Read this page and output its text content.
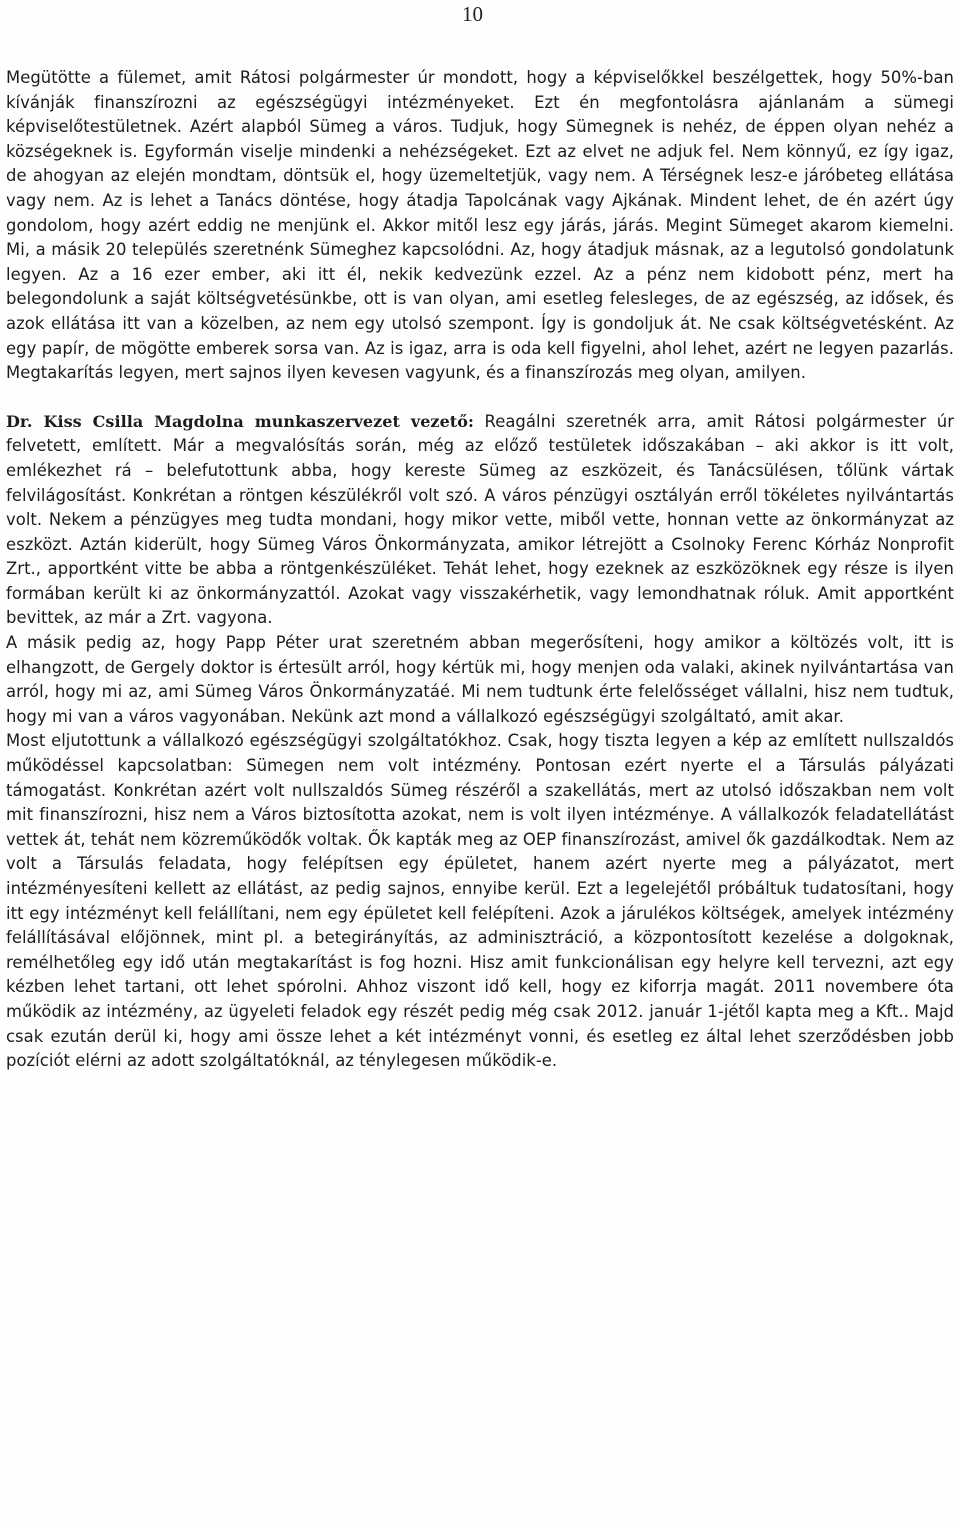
10

Megütötte a fülemet, amit Rátosi polgármester úr mondott, hogy a képviselőkkel beszélgettek, hogy 50%-ban kívánják finanszírozni az egészségügyi intézményeket. Ezt én megfontolásra ajánlanám a sümegi képviselőtestületnek. Azért alapból Sümeg a város. Tudjuk, hogy Sümegnek is nehéz, de éppen olyan nehéz a községeknek is. Egyformán viselje mindenki a nehézségeket. Ezt az elvet ne adjuk fel. Nem könnyű, ez így igaz, de ahogyan az elején mondtam, döntsük el, hogy üzemeltetjük, vagy nem. A Térségnek lesz-e járóbeteg ellátása vagy nem. Az is lehet a Tanács döntése, hogy átadja Tapolcának vagy Ajkának. Mindent lehet, de én azért úgy gondolom, hogy azért eddig ne menjünk el. Akkor mitől lesz egy járás, járás. Megint Sümeget akarom kiemelni. Mi, a másik 20 település szeretnénk Sümeghez kapcsolódni. Az, hogy átadjuk másnak, az a legutolsó gondolatunk legyen. Az a 16 ezer ember, aki itt él, nekik kedvezünk ezzel. Az a pénz nem kidobott pénz, mert ha belegondolunk a saját költségvetésünkbe, ott is van olyan, ami esetleg felesleges, de az egészség, az idősek, és azok ellátása itt van a közelben, az nem egy utolsó szempont. Így is gondoljuk át. Ne csak költségvetésként. Az egy papír, de mögötte emberek sorsa van. Az is igaz, arra is oda kell figyelni, ahol lehet, azért ne legyen pazarlás. Megtakarítás legyen, mert sajnos ilyen kevesen vagyunk, és a finanszírozás meg olyan, amilyen.

Dr. Kiss Csilla Magdolna munkaszervezet vezető: Reagálni szeretnék arra, amit Rátosi polgármester úr felvetett, említett. Már a megvalósítás során, még az előző testületek időszakában – aki akkor is itt volt, emlékezhet rá – belefutottunk abba, hogy kereste Sümeg az eszközeit, és Tanácsülésen, tőlünk vártak felvilágosítást. Konkrétan a röntgen készülékről volt szó. A város pénzügyi osztályán erről tökéletes nyilvántartás volt. Nekem a pénzügyes meg tudta mondani, hogy mikor vette, miből vette, honnan vette az önkormányzat az eszközt. Aztán kiderült, hogy Sümeg Város Önkormányzata, amikor létrejött a Csolnoky Ferenc Kórház Nonprofit Zrt., apportként vitte be abba a röntgenkészüléket. Tehát lehet, hogy ezeknek az eszközöknek egy része is ilyen formában került ki az önkormányzattól. Azokat vagy visszakérhetik, vagy lemondhatnak róluk. Amit apportként bevittek, az már a Zrt. vagyona.

A másik pedig az, hogy Papp Péter urat szeretném abban megerősíteni, hogy amikor a költözés volt, itt is elhangzott, de Gergely doktor is értesült arról, hogy kértük mi, hogy menjen oda valaki, akinek nyilvántartása van arról, hogy mi az, ami Sümeg Város Önkormányzatáé. Mi nem tudtunk érte felelősséget vállalni, hisz nem tudtuk, hogy mi van a város vagyonában. Nekünk azt mond a vállalkozó egészségügyi szolgáltató, amit akar.

Most eljutottunk a vállalkozó egészségügyi szolgáltatókhoz. Csak, hogy tiszta legyen a kép az említett nullszaldós működéssel kapcsolatban: Sümegen nem volt intézmény. Pontosan ezért nyerte el a Társulás pályázati támogatást. Konkrétan azért volt nullszaldós Sümeg részéről a szakellátás, mert az utolsó időszakban nem volt mit finanszírozni, hisz nem a Város biztosította azokat, nem is volt ilyen intézménye. A vállalkozók feladatellátást vettek át, tehát nem közreműködők voltak. Ők kapták meg az OEP finanszírozást, amivel ők gazdálkodtak. Nem az volt a Társulás feladata, hogy felépítsen egy épületet, hanem azért nyerte meg a pályázatot, mert intézményesíteni kellett az ellátást, az pedig sajnos, ennyibe kerül. Ezt a legelejétől próbáltuk tudatosítani, hogy itt egy intézményt kell felállítani, nem egy épületet kell felépíteni. Azok a járulékos költségek, amelyek intézmény felállításával előjönnek, mint pl. a betegirányítás, az adminisztráció, a központosított kezelése a dolgoknak, remélhetőleg egy idő után megtakarítást is fog hozni. Hisz amit funkcionálisan egy helyre kell tervezni, azt egy kézben lehet tartani, ott lehet spórolni. Ahhoz viszont idő kell, hogy ez kiforrja magát. 2011 novembere óta működik az intézmény, az ügyeleti feladok egy részét pedig még csak 2012. január 1-jétől kapta meg a Kft.. Majd csak ezután derül ki, hogy ami össze lehet a két intézményt vonni, és esetleg ez által lehet szerződésben jobb pozíciót elérni az adott szolgáltatóknál, az ténylegesen működik-e.
